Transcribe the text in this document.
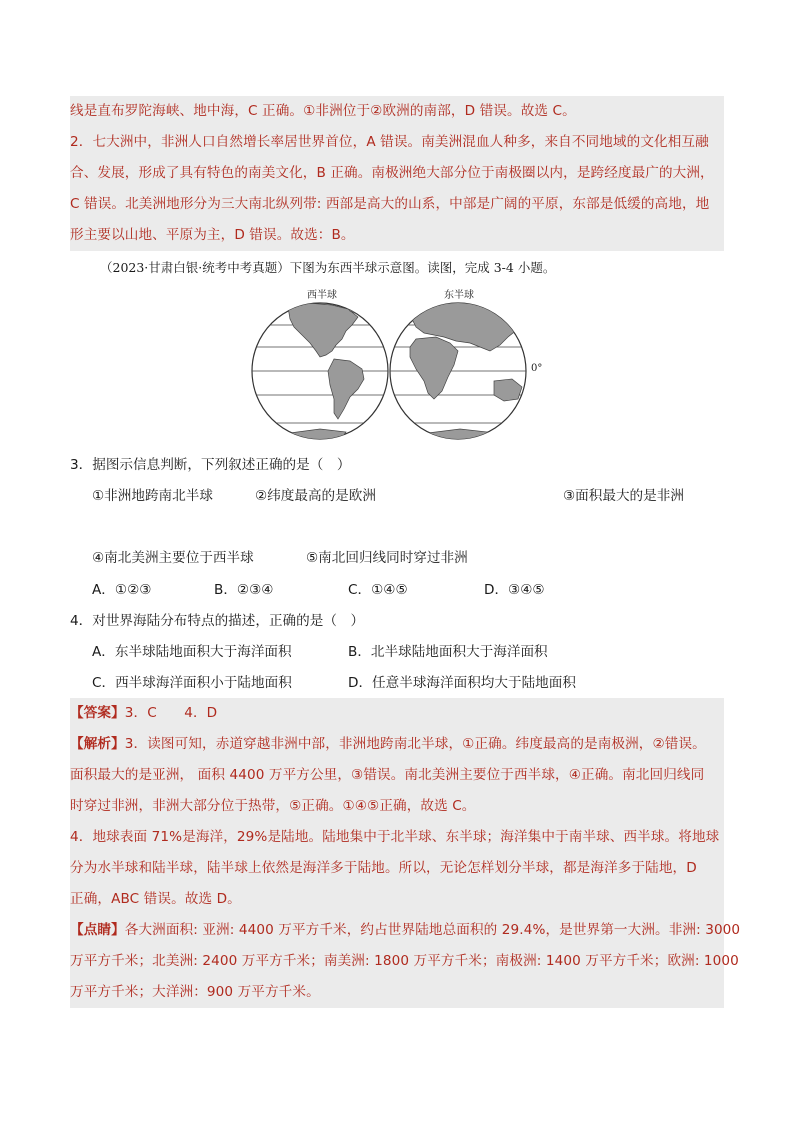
线是直布罗陀海峡、地中海，C 正确。①非洲位于②欧洲的南部，D 错误。故选 C。
2．七大洲中，非洲人口自然增长率居世界首位，A 错误。南美洲混血人种多，来自不同地域的文化相互融
合、发展，形成了具有特色的南美文化，B 正确。南极洲绝大部分位于南极圈以内，是跨经度最广的大洲，
C 错误。北美洲地形分为三大南北纵列带: 西部是高大的山系，中部是广阔的平原，东部是低缓的高地，地
形主要以山地、平原为主，D 错误。故选：B。
（2023·甘肃白银·统考中考真题）下图为东西半球示意图。读图，完成 3-4 小题。
西半球	东半球
0°
3．据图示信息判断，下列叙述正确的是（　）
①非洲地跨南北半球	②纬度最高的是欧洲	③面积最大的是非洲
④南北美洲主要位于西半球	⑤南北回归线同时穿过非洲
A．①②③	B．②③④	C．①④⑤	D．③④⑤
4．对世界海陆分布特点的描述，正确的是（　）
A．东半球陆地面积大于海洋面积	B．北半球陆地面积大于海洋面积
C．西半球海洋面积小于陆地面积	D．任意半球海洋面积均大于陆地面积
【答案】3．C　　4．D
【解析】3．读图可知，赤道穿越非洲中部，非洲地跨南北半球，①正确。纬度最高的是南极洲，②错误。
面积最大的是亚洲， 面积 4400 万平方公里，③错误。南北美洲主要位于西半球，④正确。南北回归线同
时穿过非洲，非洲大部分位于热带，⑤正确。①④⑤正确，故选 C。
4．地球表面 71%是海洋，29%是陆地。陆地集中于北半球、东半球；海洋集中于南半球、西半球。将地球
分为水半球和陆半球，陆半球上依然是海洋多于陆地。所以，无论怎样划分半球，都是海洋多于陆地，D
正确，ABC 错误。故选 D。
【点睛】各大洲面积: 亚洲: 4400 万平方千米，约占世界陆地总面积的 29.4%，是世界第一大洲。非洲: 3000
万平方千米；北美洲: 2400 万平方千米；南美洲: 1800 万平方千米；南极洲: 1400 万平方千米；欧洲: 1000
万平方千米；大洋洲：900 万平方千米。
